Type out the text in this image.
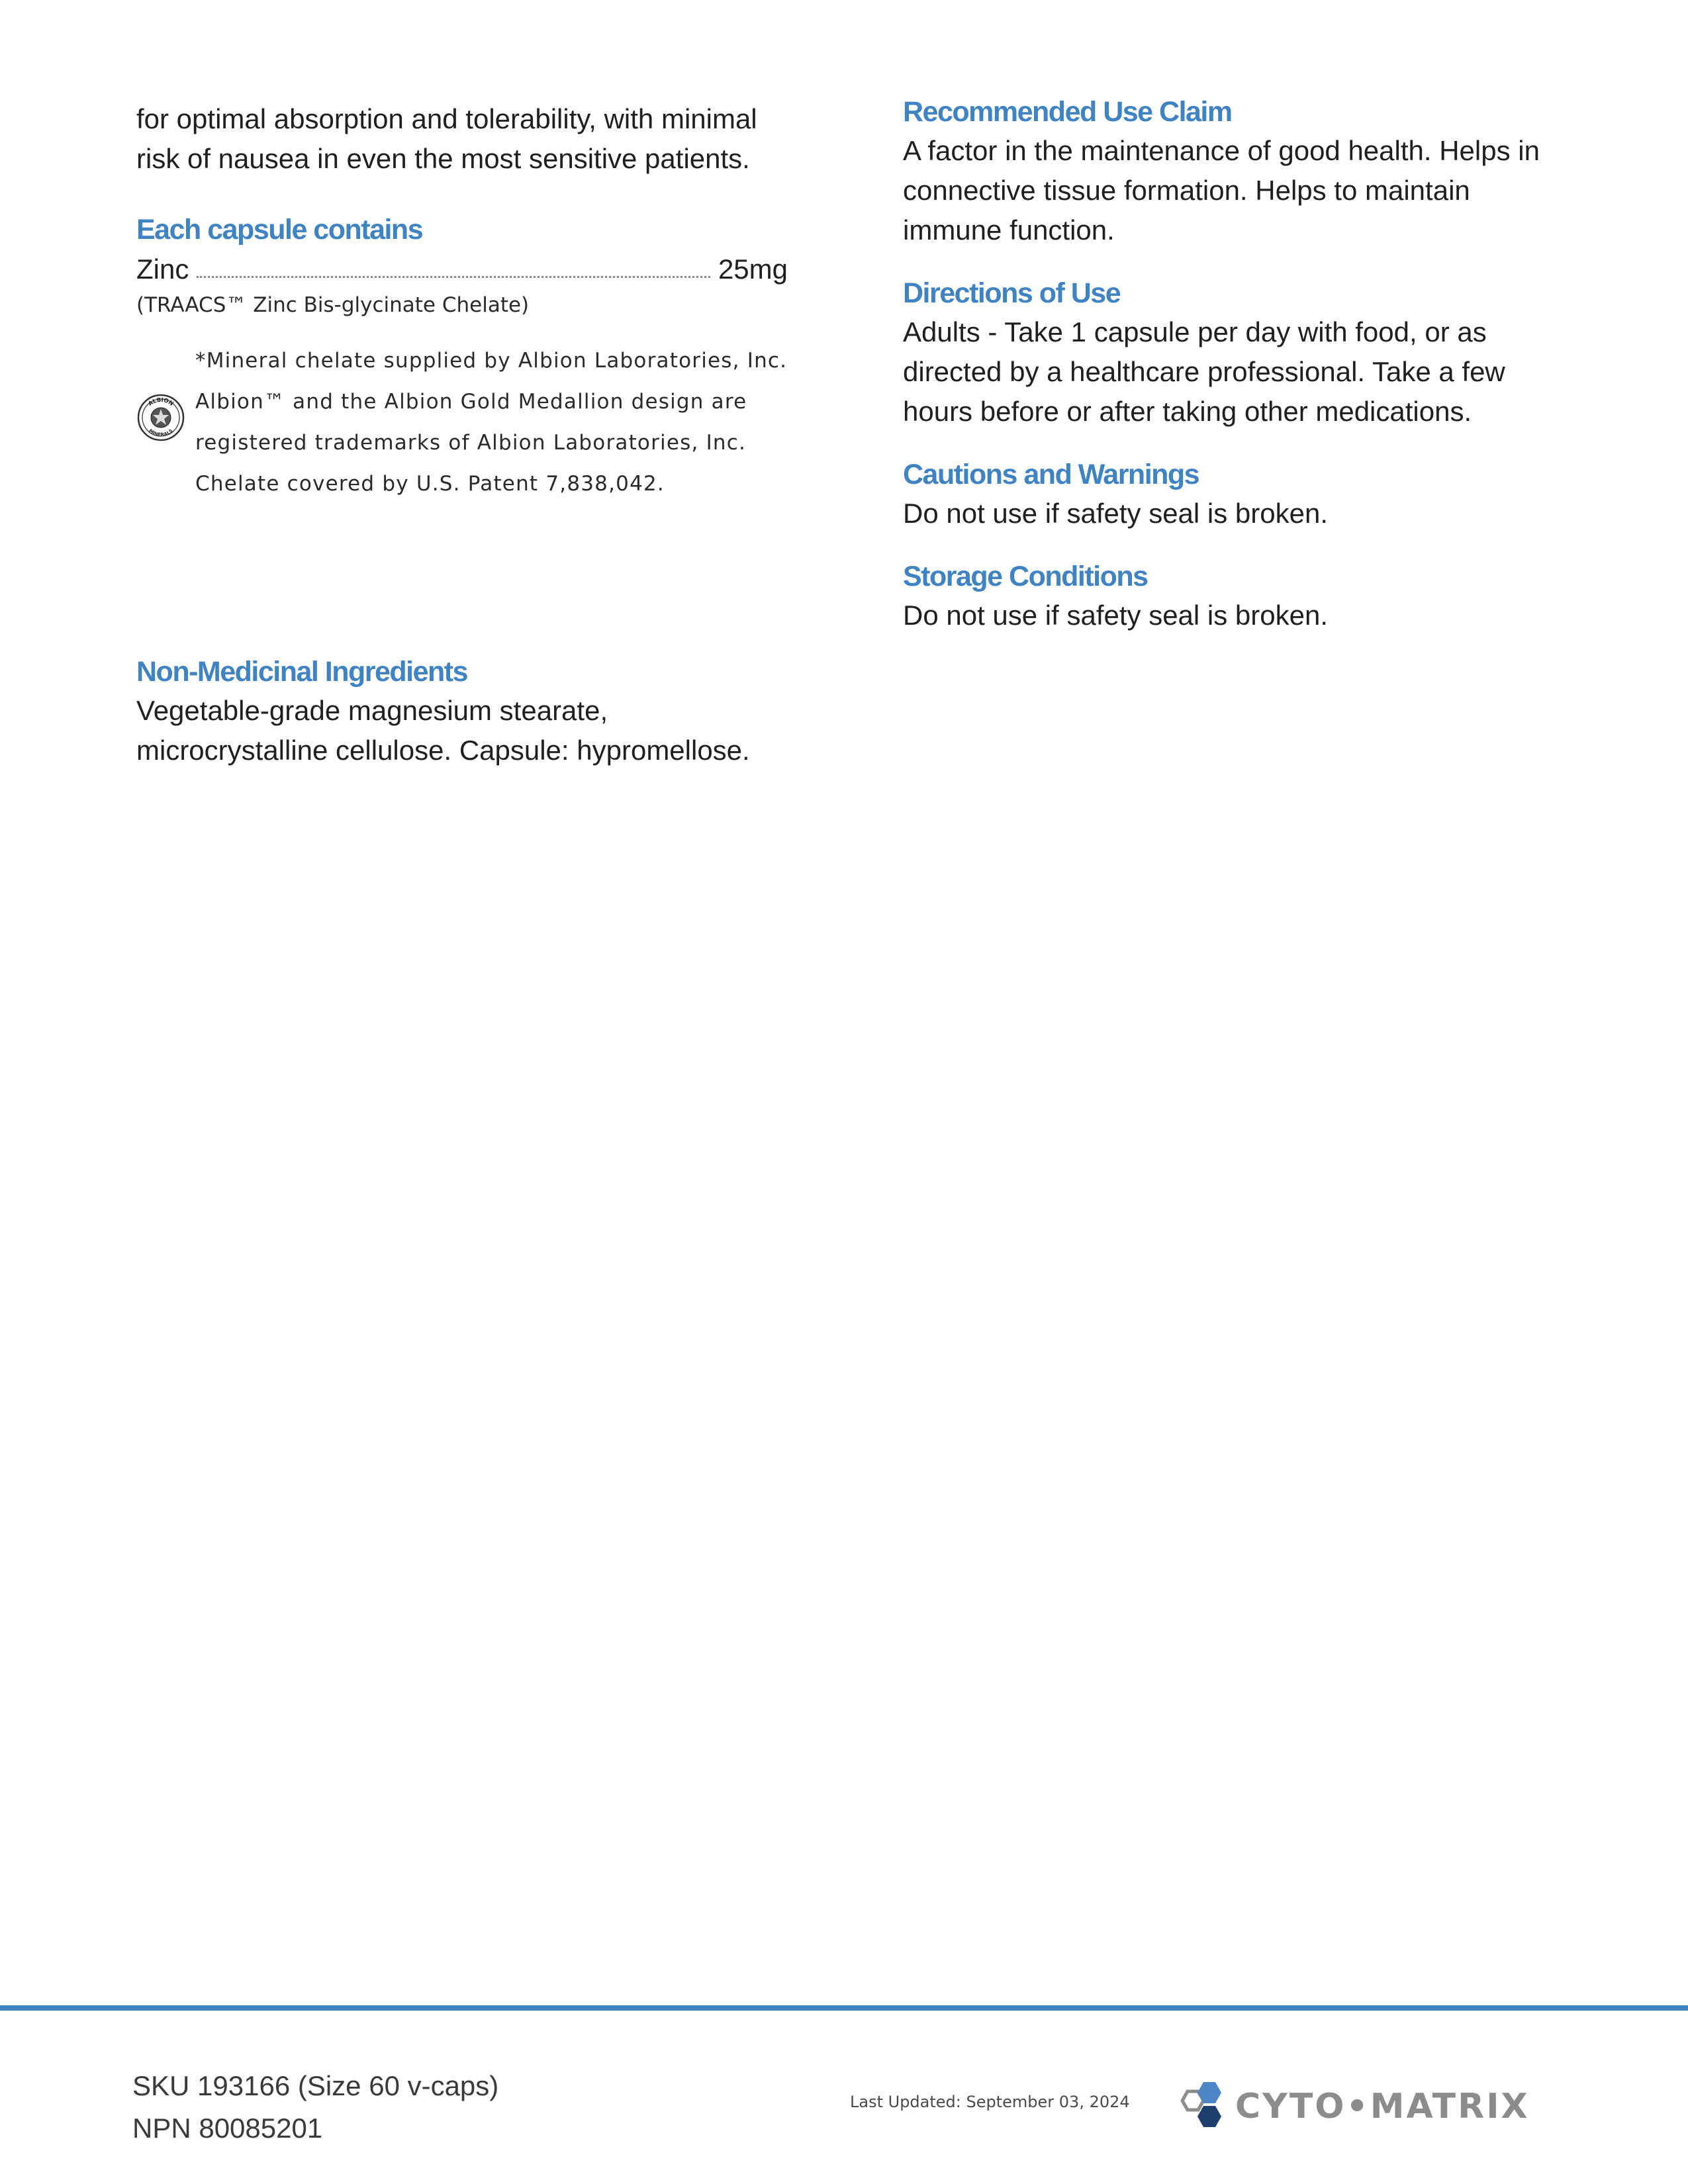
for optimal absorption and tolerability, with minimal

risk of nausea in even the most sensitive patients.

Each capsule contains
Zinc	25mg
(TRAACS™ Zinc Bis-glycinate Chelate)
ALBION
MINERALS

*Mineral chelate supplied by Albion Laboratories, Inc.

Albion™ and the Albion Gold Medallion design are

registered trademarks of Albion Laboratories, Inc.

Chelate covered by U.S. Patent 7,838,042.

Non-Medicinal Ingredients

Vegetable-grade magnesium stearate,

microcrystalline cellulose. Capsule: hypromellose.

Recommended Use Claim

A factor in the maintenance of good health. Helps in

connective tissue formation. Helps to maintain

immune function.

Directions of Use

Adults - Take 1 capsule per day with food, or as

directed by a healthcare professional. Take a few

hours before or after taking other medications.

Cautions and Warnings

Do not use if safety seal is broken.

Storage Conditions

Do not use if safety seal is broken.

SKU 193166 (Size 60 v-caps)
NPN 80085201
Last Updated: September 03, 2024	CYTO•MATRIX
